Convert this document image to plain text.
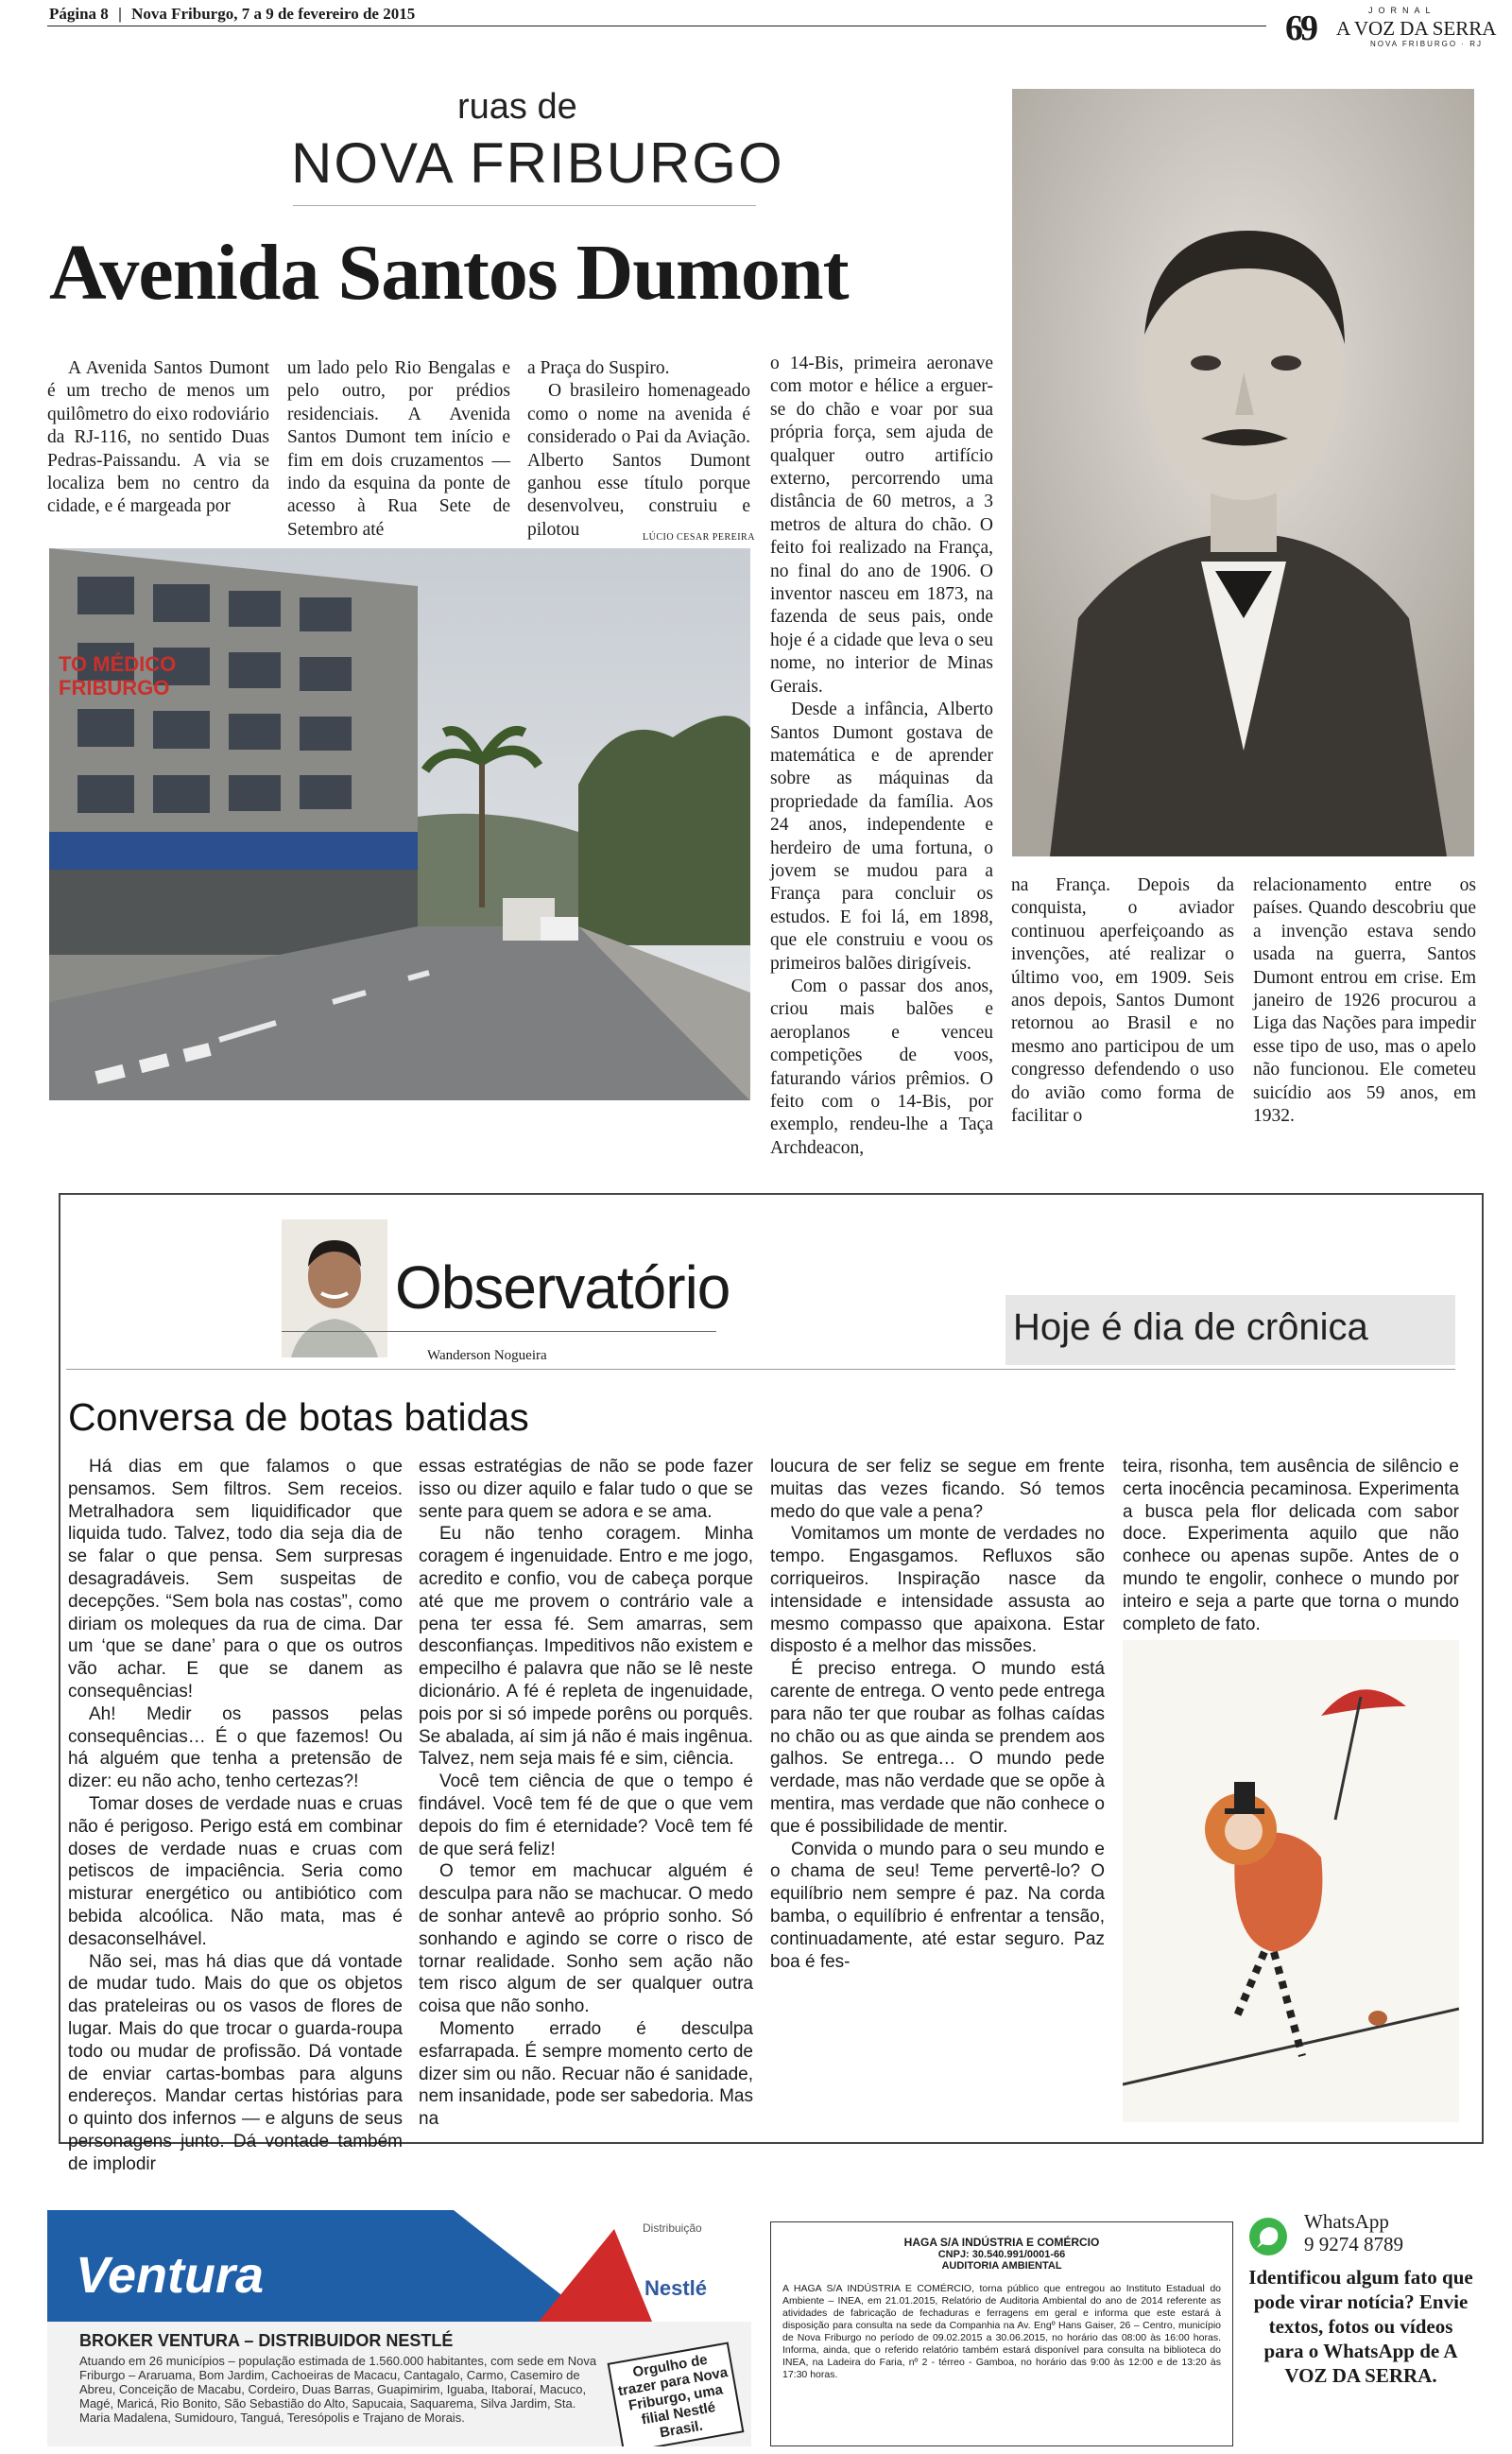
Página 8 | Nova Friburgo, 7 a 9 de fevereiro de 2015	69	JORNAL
A VOZ DA SERRA
NOVA FRIBURGO · RJ
ruas de
NOVA FRIBURGO
Avenida Santos Dumont

A Avenida Santos Dumont é um trecho de menos um quilômetro do eixo rodoviário da RJ-116, no sentido Duas Pedras-Paissandu. A via se localiza bem no centro da cidade, e é margeada por

um lado pelo Rio Bengalas e pelo outro, por prédios residenciais. A Avenida Santos Dumont tem início e fim em dois cruzamentos — indo da esquina da ponte de acesso à Rua Sete de Setembro até

a Praça do Suspiro.

O brasileiro homenageado como o nome na avenida é considerado o Pai da Aviação. Alberto Santos Dumont ganhou esse título porque desenvolveu, construiu e pilotou	LÚCIO CESAR PEREIRA
TO MÉDICO
FRIBURGO

o 14-Bis, primeira aeronave com motor e hélice a erguer-se do chão e voar por sua própria força, sem ajuda de qualquer outro artifício externo, percorrendo uma distância de 60 metros, a 3 metros de altura do chão. O feito foi realizado na França, no final do ano de 1906. O inventor nasceu em 1873, na fazenda de seus pais, onde hoje é a cidade que leva o seu nome, no interior de Minas Gerais.

Desde a infância, Alberto Santos Dumont gostava de matemática e de aprender sobre as máquinas da propriedade da família. Aos 24 anos, independente e herdeiro de uma fortuna, o jovem se mudou para a França para concluir os estudos. E foi lá, em 1898, que ele construiu e voou os primeiros balões dirigíveis.

Com o passar dos anos, criou mais balões e aeroplanos e venceu competições de voos, faturando vários prêmios. O feito com o 14-Bis, por exemplo, rendeu-lhe a Taça Archdeacon,

na França. Depois da conquista, o aviador continuou aperfeiçoando as invenções, até realizar o último voo, em 1909. Seis anos depois, Santos Dumont retornou ao Brasil e no mesmo ano participou de um congresso defendendo o uso do avião como forma de facilitar o

relacionamento entre os países. Quando descobriu que a invenção estava sendo usada na guerra, Santos Dumont entrou em crise. Em janeiro de 1926 procurou a Liga das Nações para impedir esse tipo de uso, mas o apelo não funcionou. Ele cometeu suicídio aos 59 anos, em 1932.

Observatório
Wanderson Nogueira
Hoje é dia de crônica
Conversa de botas batidas

Há dias em que falamos o que pensamos. Sem filtros. Sem receios. Metralhadora sem liquidificador que liquida tudo. Talvez, todo dia seja dia de se falar o que pensa. Sem surpresas desagradáveis. Sem suspeitas de decepções. “Sem bola nas costas”, como diriam os moleques da rua de cima. Dar um ‘que se dane’ para o que os outros vão achar. E que se danem as consequências!

Ah! Medir os passos pelas consequências… É o que fazemos! Ou há alguém que tenha a pretensão de dizer: eu não acho, tenho certezas?!

Tomar doses de verdade nuas e cruas não é perigoso. Perigo está em combinar doses de verdade nuas e cruas com petiscos de impaciência. Seria como misturar energético ou antibiótico com bebida alcoólica. Não mata, mas é desaconselhável.

Não sei, mas há dias que dá vontade de mudar tudo. Mais do que os objetos das prateleiras ou os vasos de flores de lugar. Mais do que trocar o guarda-roupa todo ou mudar de profissão. Dá vontade de enviar cartas-bombas para alguns endereços. Mandar certas histórias para o quinto dos infernos — e alguns de seus personagens junto. Dá vontade também de implodir

essas estratégias de não se pode fazer isso ou dizer aquilo e falar tudo o que se sente para quem se adora e se ama.

Eu não tenho coragem. Minha coragem é ingenuidade. Entro e me jogo, acredito e confio, vou de cabeça porque até que me provem o contrário vale a pena ter essa fé. Sem amarras, sem desconfianças. Impeditivos não existem e empecilho é palavra que não se lê neste dicionário. A fé é repleta de ingenuidade, pois por si só impede porêns ou porquês. Se abalada, aí sim já não é mais ingênua. Talvez, nem seja mais fé e sim, ciência.

Você tem ciência de que o tempo é findável. Você tem fé de que o que vem depois do fim é eternidade? Você tem fé de que será feliz!

O temor em machucar alguém é desculpa para não se machucar. O medo de sonhar antevê ao próprio sonho. Só sonhando e agindo se corre o risco de tornar realidade. Sonho sem ação não tem risco algum de ser qualquer outra coisa que não sonho.

Momento errado é desculpa esfarrapada. É sempre momento certo de dizer sim ou não. Recuar não é sanidade, nem insanidade, pode ser sabedoria. Mas na

loucura de ser feliz se segue em frente muitas das vezes ficando. Só temos medo do que vale a pena?

Vomitamos um monte de verdades no tempo. Engasgamos. Refluxos são corriqueiros. Inspiração nasce da intensidade e intensidade assusta ao mesmo compasso que apaixona. Estar disposto é a melhor das missões.

É preciso entrega. O mundo está carente de entrega. O vento pede entrega para não ter que roubar as folhas caídas no chão ou as que ainda se prendem aos galhos. Se entrega… O mundo pede verdade, mas não verdade que se opõe à mentira, mas verdade que não conhece o que é possibilidade de mentir.

Convida o mundo para o seu mundo e o chama de seu! Teme pervertê-lo? O equilíbrio nem sempre é paz. Na corda bamba, o equilíbrio é enfrentar a tensão, continuadamente, até estar seguro. Paz boa é fes-

teira, risonha, tem ausência de silêncio e certa inocência pecaminosa. Experimenta a busca pela flor delicada com sabor doce. Experimenta aquilo que não conhece ou apenas supõe. Antes de o mundo te engolir, conhece o mundo por inteiro e seja a parte que torna o mundo completo de fato.

Ventura
Distribuição
Nestlé
BROKER VENTURA – DISTRIBUIDOR NESTLÉ
Atuando em 26 municípios – população estimada de 1.560.000 habitantes, com sede em Nova Friburgo – Araruama, Bom Jardim, Cachoeiras de Macacu, Cantagalo, Carmo, Casemiro de Abreu, Conceição de Macabu, Cordeiro, Duas Barras, Guapimirim, Iguaba, Itaboraí, Macuco, Magé, Maricá, Rio Bonito, São Sebastião do Alto, Sapucaia, Saquarema, Silva Jardim, Sta. Maria Madalena, Sumidouro, Tanguá, Teresópolis e Trajano de Morais.
Orgulho de trazer para Nova Friburgo, uma filial Nestlé Brasil.
HAGA S/A INDÚSTRIA E COMÉRCIO
CNPJ: 30.540.991/0001-66
AUDITORIA AMBIENTAL
A HAGA S/A INDÚSTRIA E COMÉRCIO, torna público que entregou ao Instituto Estadual do Ambiente – INEA, em 21.01.2015, Relatório de Auditoria Ambiental do ano de 2014 referente as atividades de fabricação de fechaduras e ferragens em geral e informa que este estará à disposição para consulta na sede da Companhia na Av. Engº Hans Gaiser, 26 – Centro, município de Nova Friburgo no período de 09.02.2015 a 30.06.2015, no horário das 08:00 às 16:00 horas. Informa, ainda, que o referido relatório também estará disponível para consulta na biblioteca do INEA, na Ladeira do Faria, nº 2 - térreo - Gamboa, no horário das 9:00 às 12:00 e de 13:20 às 17:30 horas.
WhatsApp
9 9274 8789
Identificou algum fato que pode virar notícia? Envie textos, fotos ou vídeos para o WhatsApp de A VOZ DA SERRA.
